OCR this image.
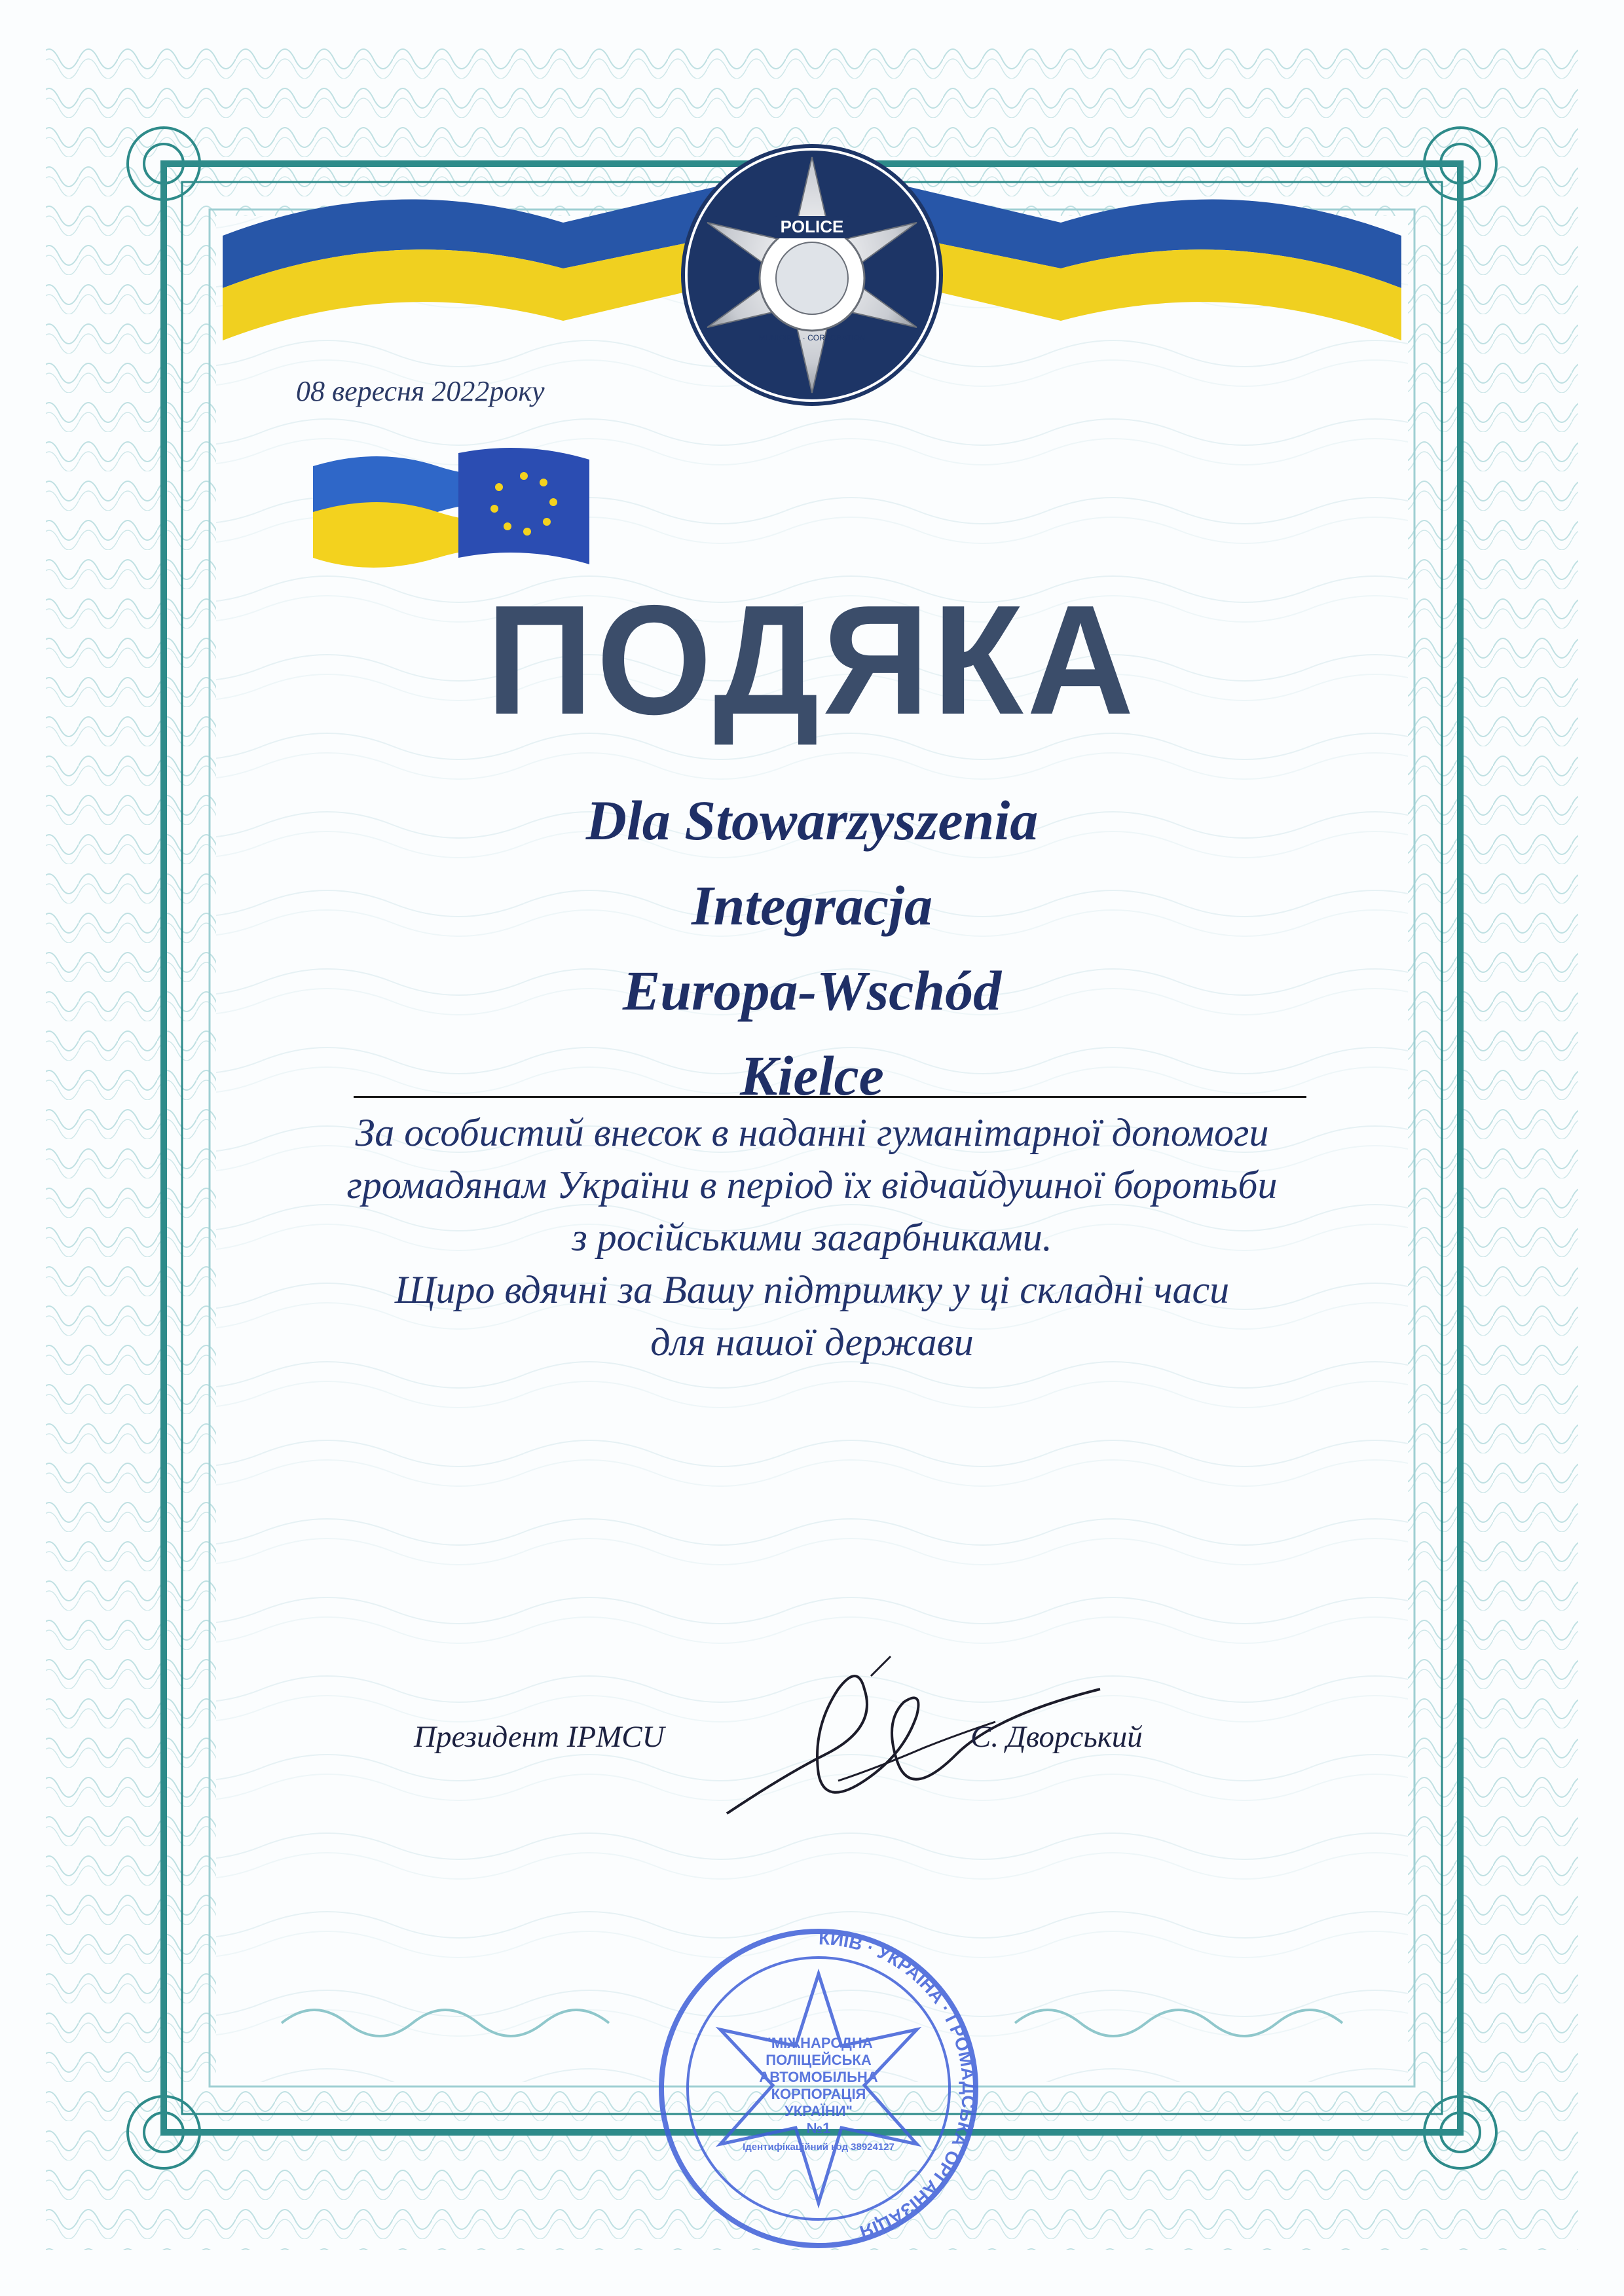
POLICE
MUNICIPAL · CORPORATION
08 вересня 2022року
ПОДЯКА
Dla Stowarzyszenia
Integracja
Europa-Wschód
Kielce
За особистий внесок в наданні гуманітарної допомоги
громадянам України в період їх відчайдушної боротьби
з російськими загарбниками.
Щиро вдячні за Вашу підтримку у ці складні часи
для нашої держави
Президент IPMCU	С. Дворський
КИЇВ · УКРАЇНА · ГРОМАДСЬКА ОРГАНІЗАЦІЯ
"МІЖНАРОДНА
ПОЛІЦЕЙСЬКА
АВТОМОБІЛЬНА
КОРПОРАЦІЯ
УКРАЇНИ"
№1
Ідентифікаційний код 38924127
